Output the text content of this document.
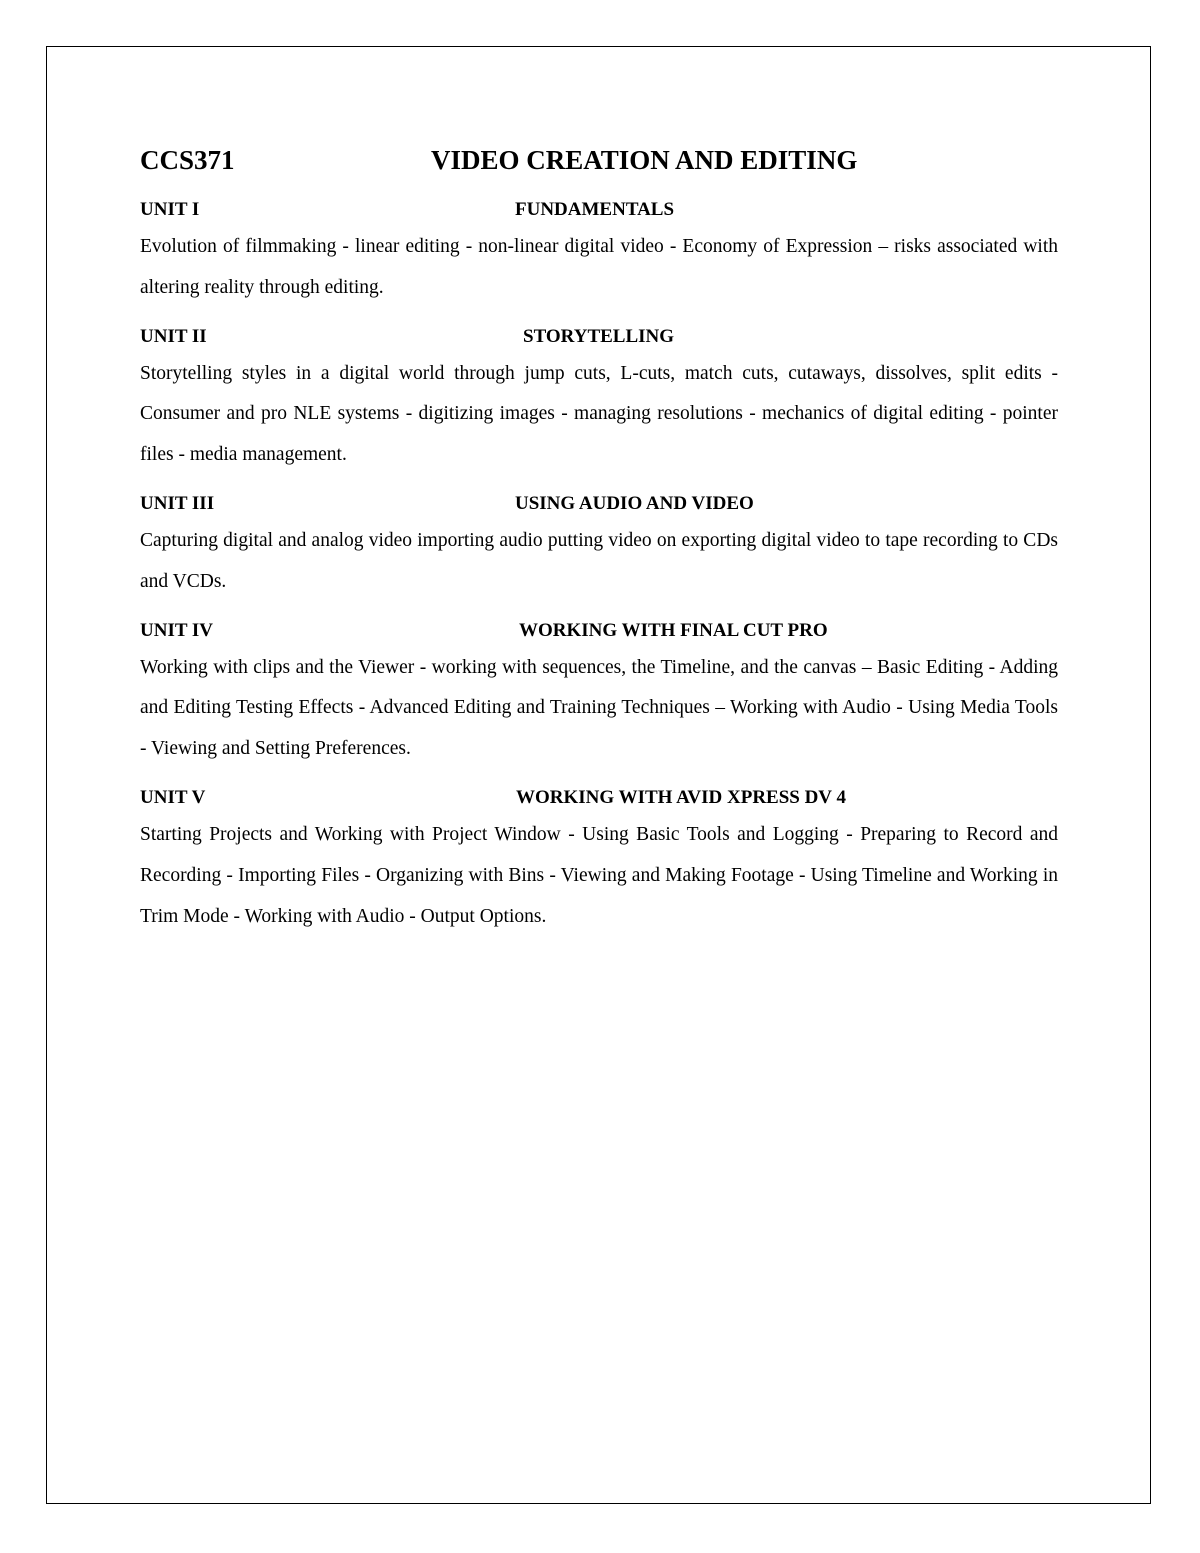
CCS371	VIDEO CREATION AND EDITING
UNIT I	FUNDAMENTALS

Evolution of filmmaking - linear editing - non-linear digital video - Economy of Expression – risks associated with altering reality through editing.

UNIT II	STORYTELLING

Storytelling styles in a digital world through jump cuts, L-cuts, match cuts, cutaways, dissolves, split edits - Consumer and pro NLE systems - digitizing images - managing resolutions - mechanics of digital editing - pointer files - media management.

UNIT III	USING AUDIO AND VIDEO

Capturing digital and analog video importing audio putting video on exporting digital video to tape recording to CDs and VCDs.

UNIT IV	WORKING WITH FINAL CUT PRO

Working with clips and the Viewer - working with sequences, the Timeline, and the canvas – Basic Editing - Adding and Editing Testing Effects - Advanced Editing and Training Techniques – Working with Audio - Using Media Tools - Viewing and Setting Preferences.

UNIT V	WORKING WITH AVID XPRESS DV 4

Starting Projects and Working with Project Window - Using Basic Tools and Logging - Preparing to Record and Recording - Importing Files - Organizing with Bins - Viewing and Making Footage - Using Timeline and Working in Trim Mode - Working with Audio - Output Options.
